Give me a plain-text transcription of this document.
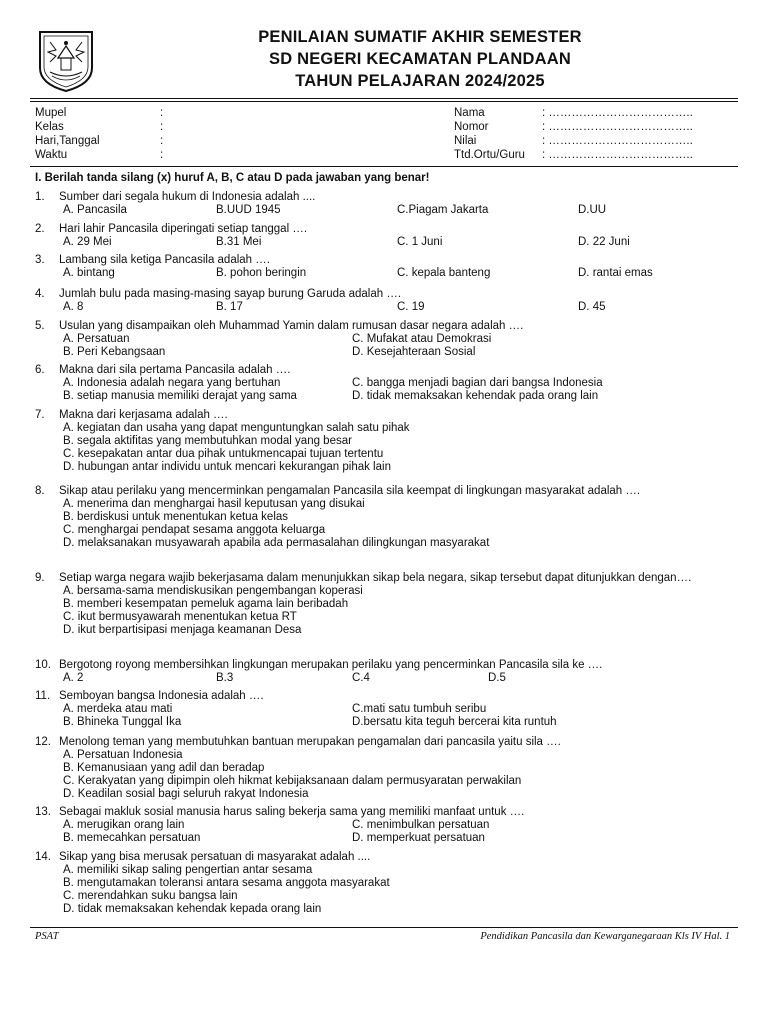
PENILAIAN SUMATIF AKHIR SEMESTER
SD NEGERI KECAMATAN PLANDAAN
TAHUN PELAJARAN 2024/2025
Mupel	:
Kelas	:
Hari,Tanggal	:
Waktu	:
Nama	: ………………………………..
Nomor	: ………………………………..
Nilai	: ………………………………..
Ttd.Ortu/Guru : ………………………………..
I. Berilah tanda silang (x) huruf A, B, C atau D pada jawaban yang benar!
1. Sumber dari segala hukum di Indonesia adalah ....
A. Pancasila	B.UUD 1945	C.Piagam Jakarta	D.UU
2. Hari lahir Pancasila diperingati setiap tanggal ….
A. 29 Mei	B.31 Mei	C. 1 Juni	D. 22 Juni
3. Lambang sila ketiga Pancasila adalah ….
A. bintang	B. pohon beringin	C. kepala banteng	D. rantai emas
4. Jumlah bulu pada masing-masing sayap burung Garuda adalah ….
A. 8	B. 17	C. 19	D. 45
5. Usulan yang disampaikan oleh Muhammad Yamin dalam rumusan dasar negara adalah ….
A. Persatuan	C. Mufakat atau Demokrasi
B. Peri Kebangsaan	D. Kesejahteraan Sosial
6. Makna dari sila pertama Pancasila adalah ….
A. Indonesia adalah negara yang bertuhan	C. bangga menjadi bagian dari bangsa Indonesia
B. setiap manusia memiliki derajat yang sama	D. tidak memaksakan kehendak pada orang lain
7. Makna dari kerjasama adalah ….
A. kegiatan dan usaha yang dapat menguntungkan salah satu pihak
B. segala aktifitas yang membutuhkan modal yang besar
C. kesepakatan antar dua pihak untukmencapai tujuan tertentu
D. hubungan antar individu untuk mencari kekurangan pihak lain
8. Sikap atau perilaku yang mencerminkan pengamalan Pancasila sila keempat di lingkungan masyarakat adalah ….
A. menerima dan menghargai hasil keputusan yang disukai
B. berdiskusi untuk menentukan ketua kelas
C. menghargai pendapat sesama anggota keluarga
D. melaksanakan musyawarah apabila ada permasalahan dilingkungan masyarakat
9. Setiap warga negara wajib bekerjasama dalam menunjukkan sikap bela negara, sikap tersebut dapat ditunjukkan dengan….
A. bersama-sama mendiskusikan pengembangan koperasi
B. memberi kesempatan pemeluk agama lain beribadah
C. ikut bermusyawarah menentukan ketua RT
D. ikut berpartisipasi menjaga keamanan Desa
10. Bergotong royong membersihkan lingkungan merupakan perilaku yang pencerminkan Pancasila sila ke ….
A. 2	B.3	C.4	D.5
11. Semboyan bangsa Indonesia adalah ….
A. merdeka atau mati	C.mati satu tumbuh seribu
B. Bhineka Tunggal Ika	D.bersatu kita teguh bercerai kita runtuh
12. Menolong teman yang membutuhkan bantuan merupakan pengamalan dari pancasila yaitu sila ….
A. Persatuan Indonesia
B. Kemanusiaan yang adil dan beradap
C. Kerakyatan yang dipimpin oleh hikmat kebijaksanaan dalam permusyaratan perwakilan
D. Keadilan sosial bagi seluruh rakyat Indonesia
13. Sebagai makluk sosial manusia harus saling bekerja sama yang memiliki manfaat untuk ….
A. merugikan orang lain	C. menimbulkan persatuan
B. memecahkan persatuan	D. memperkuat persatuan
14. Sikap yang bisa merusak persatuan di masyarakat adalah ....
A. memiliki sikap saling pengertian antar sesama
B. mengutamakan toleransi antara sesama anggota masyarakat
C. merendahkan suku bangsa lain
D. tidak memaksakan kehendak kepada orang lain
PSAT	Pendidikan Pancasila dan Kewarganegaraan Kls IV Hal. 1
